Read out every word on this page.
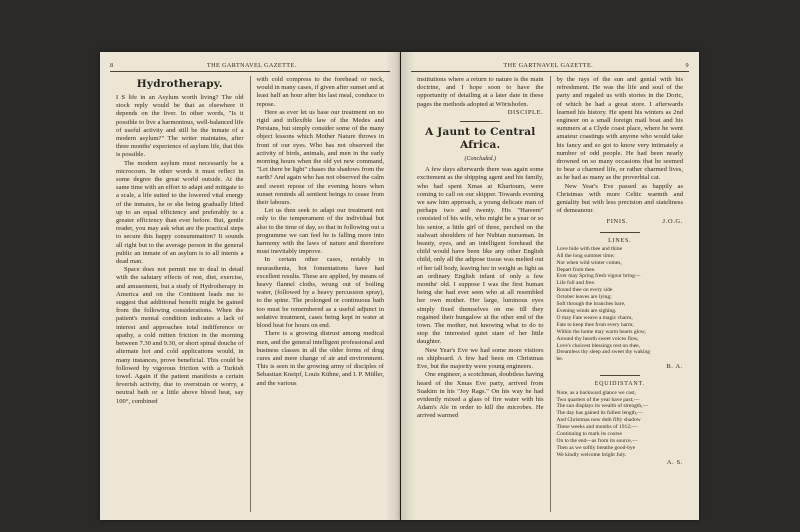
8	THE GARTNAVEL GAZETTE.
Hydrotherapy.

I S life in an Asylum worth living? The old stock reply would be that as elsewhere it depends on the liver. In other words, "Is it possible to live a harmonious, well-balanced life of useful activity and still be the inmate of a modern asylum?" The writer maintains, after three months' experience of asylum life, that this is possible.

The modern asylum must necessarily be a microcosm. In other words it must reflect in some degree the great world outside. At the same time with an effort to adapt and mitigate to a scale, a life suited to the lowered vital energy of the inmates, he or she being gradually lifted up to an equal efficiency and preferably to a greater efficiency than ever before. But, gentle reader, you may ask what are the practical steps to secure this happy consummation? It sounds all right but to the average person in the general public an inmate of an asylum is to all intents a dead man.

Space does not permit me to deal in detail with the salutary effects of rest, diet, exercise, and amusement, but a study of Hydrotherapy in America and on the Continent leads me to suggest that additional benefit might be gained from the following considerations. When the patient's mental condition indicates a lack of interest and approaches total indifference or apathy, a cold mitten friction in the morning between 7.30 and 9.30, or short spinal douche of alternate hot and cold applications would, in many instances, prove beneficial. This could be followed by vigorous friction with a Turkish towel. Again if the patient manifests a certain feverish activity, due to overstrain or worry, a neutral bath or a little above blood heat, say 100°, combined

with cold compress to the forehead or neck, would in many cases, if given after sunset and at least half an hour after his last meal, conduce to repose.

Here as ever let us base our treatment on no rigid and inflexible law of the Medes and Persians, but simply consider some of the many object lessons which Mother Nature throws in front of our eyes. Who has not observed the activity of birds, animals, and men in the early morning hours when the old yet new command, "Let there be light" chases the shadows from the earth? And again who has not observed the calm and sweet repose of the evening hours when sunset reminds all sentient beings to cease from their labours.

Let us then seek to adapt our treatment not only to the temperament of the individual but also to the time of day, so that in following out a programme we can feel he is falling more into harmony with the laws of nature and therefore must inevitably improve.

In certain other cases, notably in neurasthenia, hot fomentations have had excellent results. These are applied, by means of heavy flannel cloths, wrung out of boiling water, (followed by a heavy percussion spray), to the spine. The prolonged or continuous bath too must be remembered as a useful adjunct in sedative treatment, cases being kept in water at blood heat for hours on end.

There is a growing distrust among medical men, and the general intelligent professional and business classes in all the older forms of drug cures and mere change of air and environment. This is seen in the growing army of disciples of Sebastian Kneipf, Louis Kühne, and I. P. Müller, and the various

THE GARTNAVEL GAZETTE.	9

institutions where a return to nature is the main doctrine, and I hope soon to have the opportunity of detailing at a later date in these pages the methods adopted at Wörishofen.

DISCIPLE.

A Jaunt to Central Africa.
(Concluded.)

A few days afterwards there was again some excitement as the shipping agent and his family, who had spent Xmas at Khartoum, were coming to call on our skipper. Towards evening we saw him approach, a young delicate man of perhaps two and twenty. His "Hareem" consisted of his wife, who might be a year or so his senior, a little girl of three, perched on the stalwart shoulders of her Nubian nurseman. In beauty, eyes, and an intelligent forehead the child would have been like any other English child, only all the adipose tissue was melted out of her tall body, leaving her in weight as light as an ordinary English infant of only a few months' old. I suppose I was the first human being she had ever seen who at all resembled her own mother. Her large, luminous eyes simply fixed themselves on me till they regained their bungalow at the other end of the town. The mother, not knowing what to do to stop the interested quiet stare of her little daughter.

New Year's Eve we had some more visitors on shipboard. A few had been on Christmas Eve, but the majority were young engineers.

One engineer, a scotchman, doubtless having heard of the Xmas Eve party, arrived from Suakim in his "Joy Rags." On his way he had evidently mixed a glass of fire water with his Adam's Ale in order to kill the microbes. He arrived warmed

by the rays of the sun and genial with his refreshment. He was the life and soul of the party and regaled us with stories in the Doric, of which he had a great store. I afterwards learned his history. He spent his winters as 2nd engineer on a small foreign mail boat and his summers at a Clyde coast place, where he went amateur coastings with anyone who would take his fancy and so got to know very intimately a number of odd people. He had been nearly drowned on so many occasions that he seemed to bear a charmed life, or rather charmed lives, as he had as many as the proverbial cat.

New Year's Eve passed as happily as Christmas with more Celtic warmth and geniality but with less precision and stateliness of demeanour.

FINIS.	J.O.G.
LINES.
Love bide with thee and thine
All the long summer time;
Nor when wild winter comes,
Depart from thee.
Ever may Spring fresh vigour bring—
Life full and free.
Round thee on every side
October leaves are lying;
Soft through the branches bare,
Evening winds are sighing.
O may Fate weave a magic charm,
Fate to keep thee from every harm;
Within the home may warm hearts glow,
Around thy hearth sweet voices flow,
Love's choicest blessings rest on thee,
Dreamless thy sleep and sweet thy waking
be.

B. A.

EQUIDISTANT.
Note, as a backward glance we cast,
Two quarters of the year have past;—
The sun displays its wealth of strength,—
The day has gained its fullest length,—
And Christmas now doth fifty shadow
These weeks and months of 1912;—
Continuing to mark its course
On to the end—as from its source,—
Then as we softly breathe good-bye
We kindly welcome bright July.

A. S.
